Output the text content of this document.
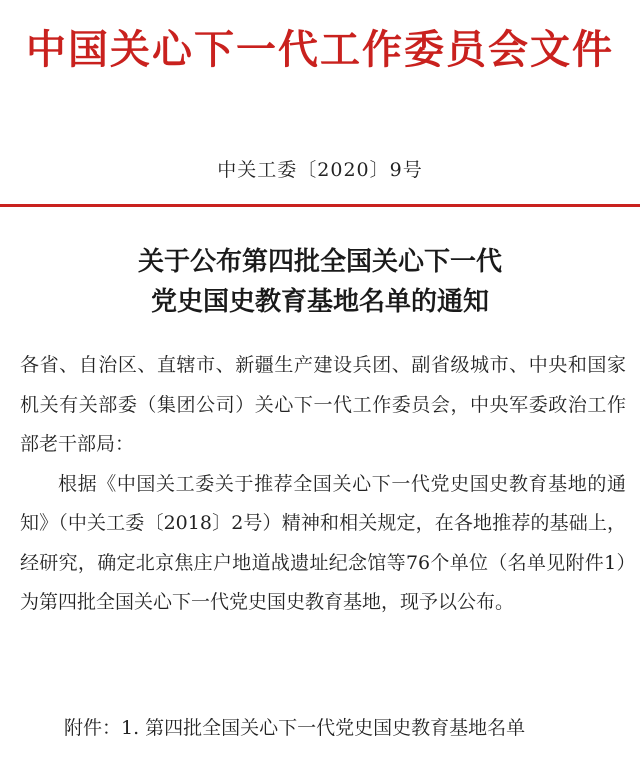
中国关心下一代工作委员会文件
中关工委〔2020〕9号
关于公布第四批全国关心下一代
党史国史教育基地名单的通知

各省、自治区、直辖市、新疆生产建设兵团、副省级城市、中央和国家机关有关部委（集团公司）关心下一代工作委员会，中央军委政治工作部老干部局：

根据《中国关工委关于推荐全国关心下一代党史国史教育基地的通知》（中关工委〔2018〕2号）精神和相关规定，在各地推荐的基础上，经研究，确定北京焦庄户地道战遗址纪念馆等76个单位（名单见附件1）为第四批全国关心下一代党史国史教育基地，现予以公布。

附件：1. 第四批全国关心下一代党史国史教育基地名单
